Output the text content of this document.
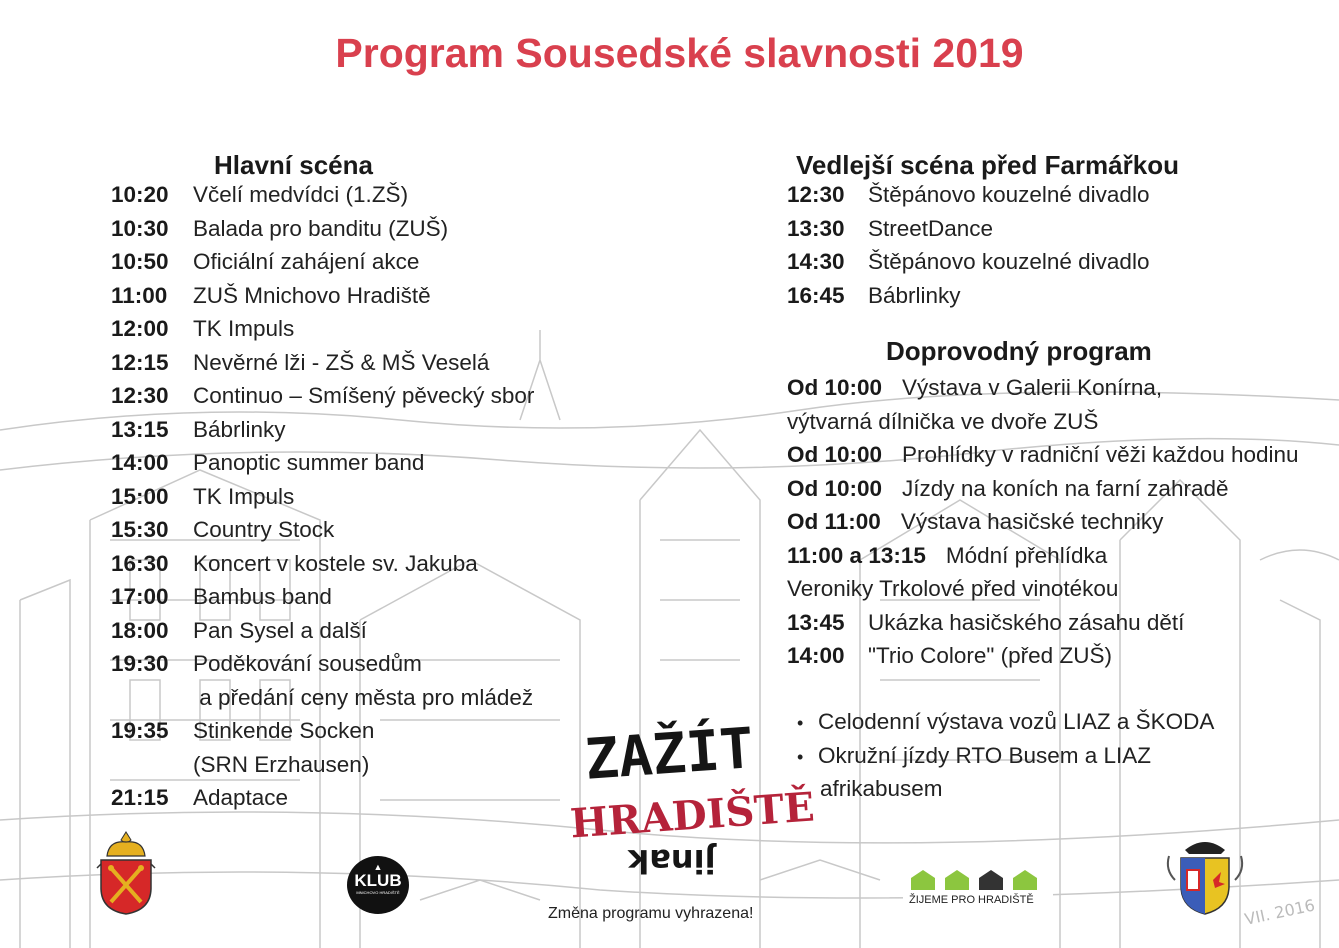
VII. 2016
Program Sousedské slavnosti 2019
Hlavní scéna
10:20	Včelí medvídci (1.ZŠ)
10:30	Balada pro banditu (ZUŠ)
10:50	Oficiální zahájení akce
11:00	ZUŠ Mnichovo Hradiště
12:00	TK Impuls
12:15	Nevěrné lži - ZŠ & MŠ Veselá
12:30	Continuo – Smíšený pěvecký sbor
13:15	Bábrlinky
14:00	Panoptic summer band
15:00	TK Impuls
15:30	Country Stock
16:30	Koncert v kostele sv. Jakuba
17:00	Bambus band
18:00	Pan Sysel a další
19:30	Poděkování sousedům
a předání ceny města pro mládež
19:35	Stinkende Socken
(SRN Erzhausen)
21:15	Adaptace
Vedlejší scéna před Farmářkou
12:30	Štěpánovo kouzelné divadlo
13:30	StreetDance
14:30	Štěpánovo kouzelné divadlo
16:45	Bábrlinky
Doprovodný program
Od 10:00 Výstava v Galerii Konírna,
výtvarná dílnička ve dvoře ZUŠ
Od 10:00 Prohlídky v radniční věži každou hodinu
Od 10:00 Jízdy na koních na farní zahradě
Od 11:00 Výstava hasičské techniky
11:00 a 13:15 Módní přehlídka
Veroniky Trkolové před vinotékou
13:45	Ukázka hasičského zásahu dětí
14:00	"Trio Colore" (před ZUŠ)
• Celodenní výstava vozů LIAZ a ŠKODA
• Okružní jízdy RTO Busem a LIAZ
afrikabusem
ZAŽÍT
HRADIŠTĚ
jinak
▲
KLUB
MNICHOVO HRADIŠTĚ
ŽIJEME PRO HRADIŠTĚ
Změna programu vyhrazena!
